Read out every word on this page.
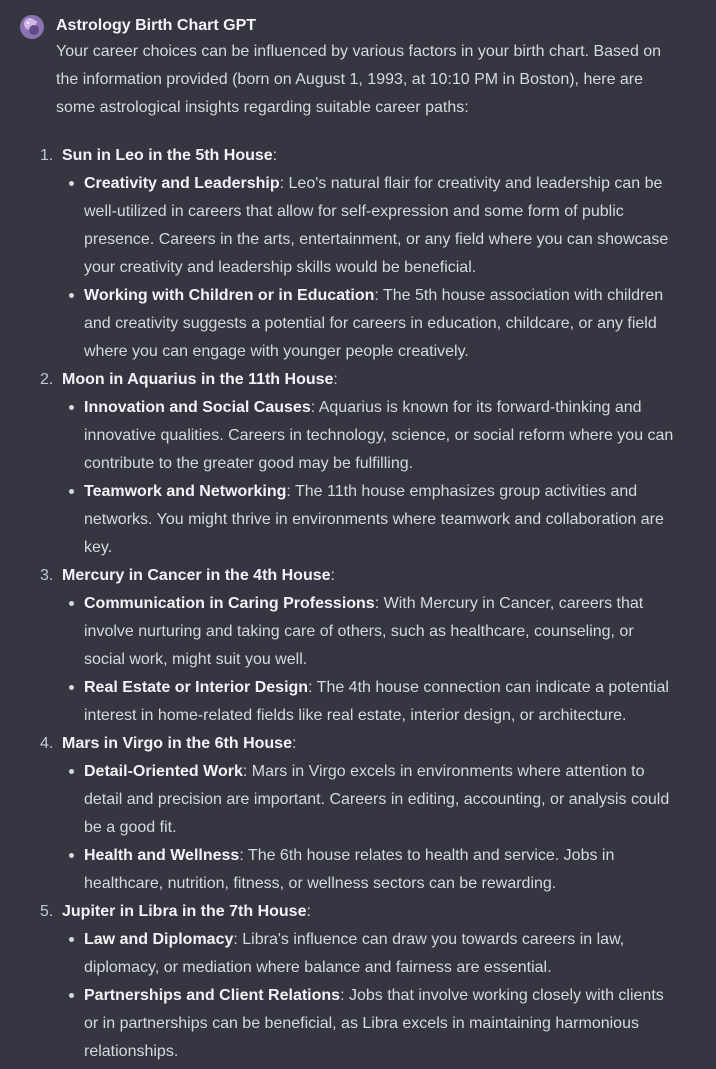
Astrology Birth Chart GPT

Your career choices can be influenced by various factors in your birth chart. Based on the information provided (born on August 1, 1993, at 10:10 PM in Boston), here are some astrological insights regarding suitable career paths:

1. Sun in Leo in the 5th House:
Creativity and Leadership: Leo's natural flair for creativity and leadership can be well-utilized in careers that allow for self-expression and some form of public presence. Careers in the arts, entertainment, or any field where you can showcase your creativity and leadership skills would be beneficial.
Working with Children or in Education: The 5th house association with children and creativity suggests a potential for careers in education, childcare, or any field where you can engage with younger people creatively.
2. Moon in Aquarius in the 11th House:
Innovation and Social Causes: Aquarius is known for its forward-thinking and innovative qualities. Careers in technology, science, or social reform where you can contribute to the greater good may be fulfilling.
Teamwork and Networking: The 11th house emphasizes group activities and networks. You might thrive in environments where teamwork and collaboration are key.
3. Mercury in Cancer in the 4th House:
Communication in Caring Professions: With Mercury in Cancer, careers that involve nurturing and taking care of others, such as healthcare, counseling, or social work, might suit you well.
Real Estate or Interior Design: The 4th house connection can indicate a potential interest in home-related fields like real estate, interior design, or architecture.
4. Mars in Virgo in the 6th House:
Detail-Oriented Work: Mars in Virgo excels in environments where attention to detail and precision are important. Careers in editing, accounting, or analysis could be a good fit.
Health and Wellness: The 6th house relates to health and service. Jobs in healthcare, nutrition, fitness, or wellness sectors can be rewarding.
5. Jupiter in Libra in the 7th House:
Law and Diplomacy: Libra's influence can draw you towards careers in law, diplomacy, or mediation where balance and fairness are essential.
Partnerships and Client Relations: Jobs that involve working closely with clients or in partnerships can be beneficial, as Libra excels in maintaining harmonious relationships.
